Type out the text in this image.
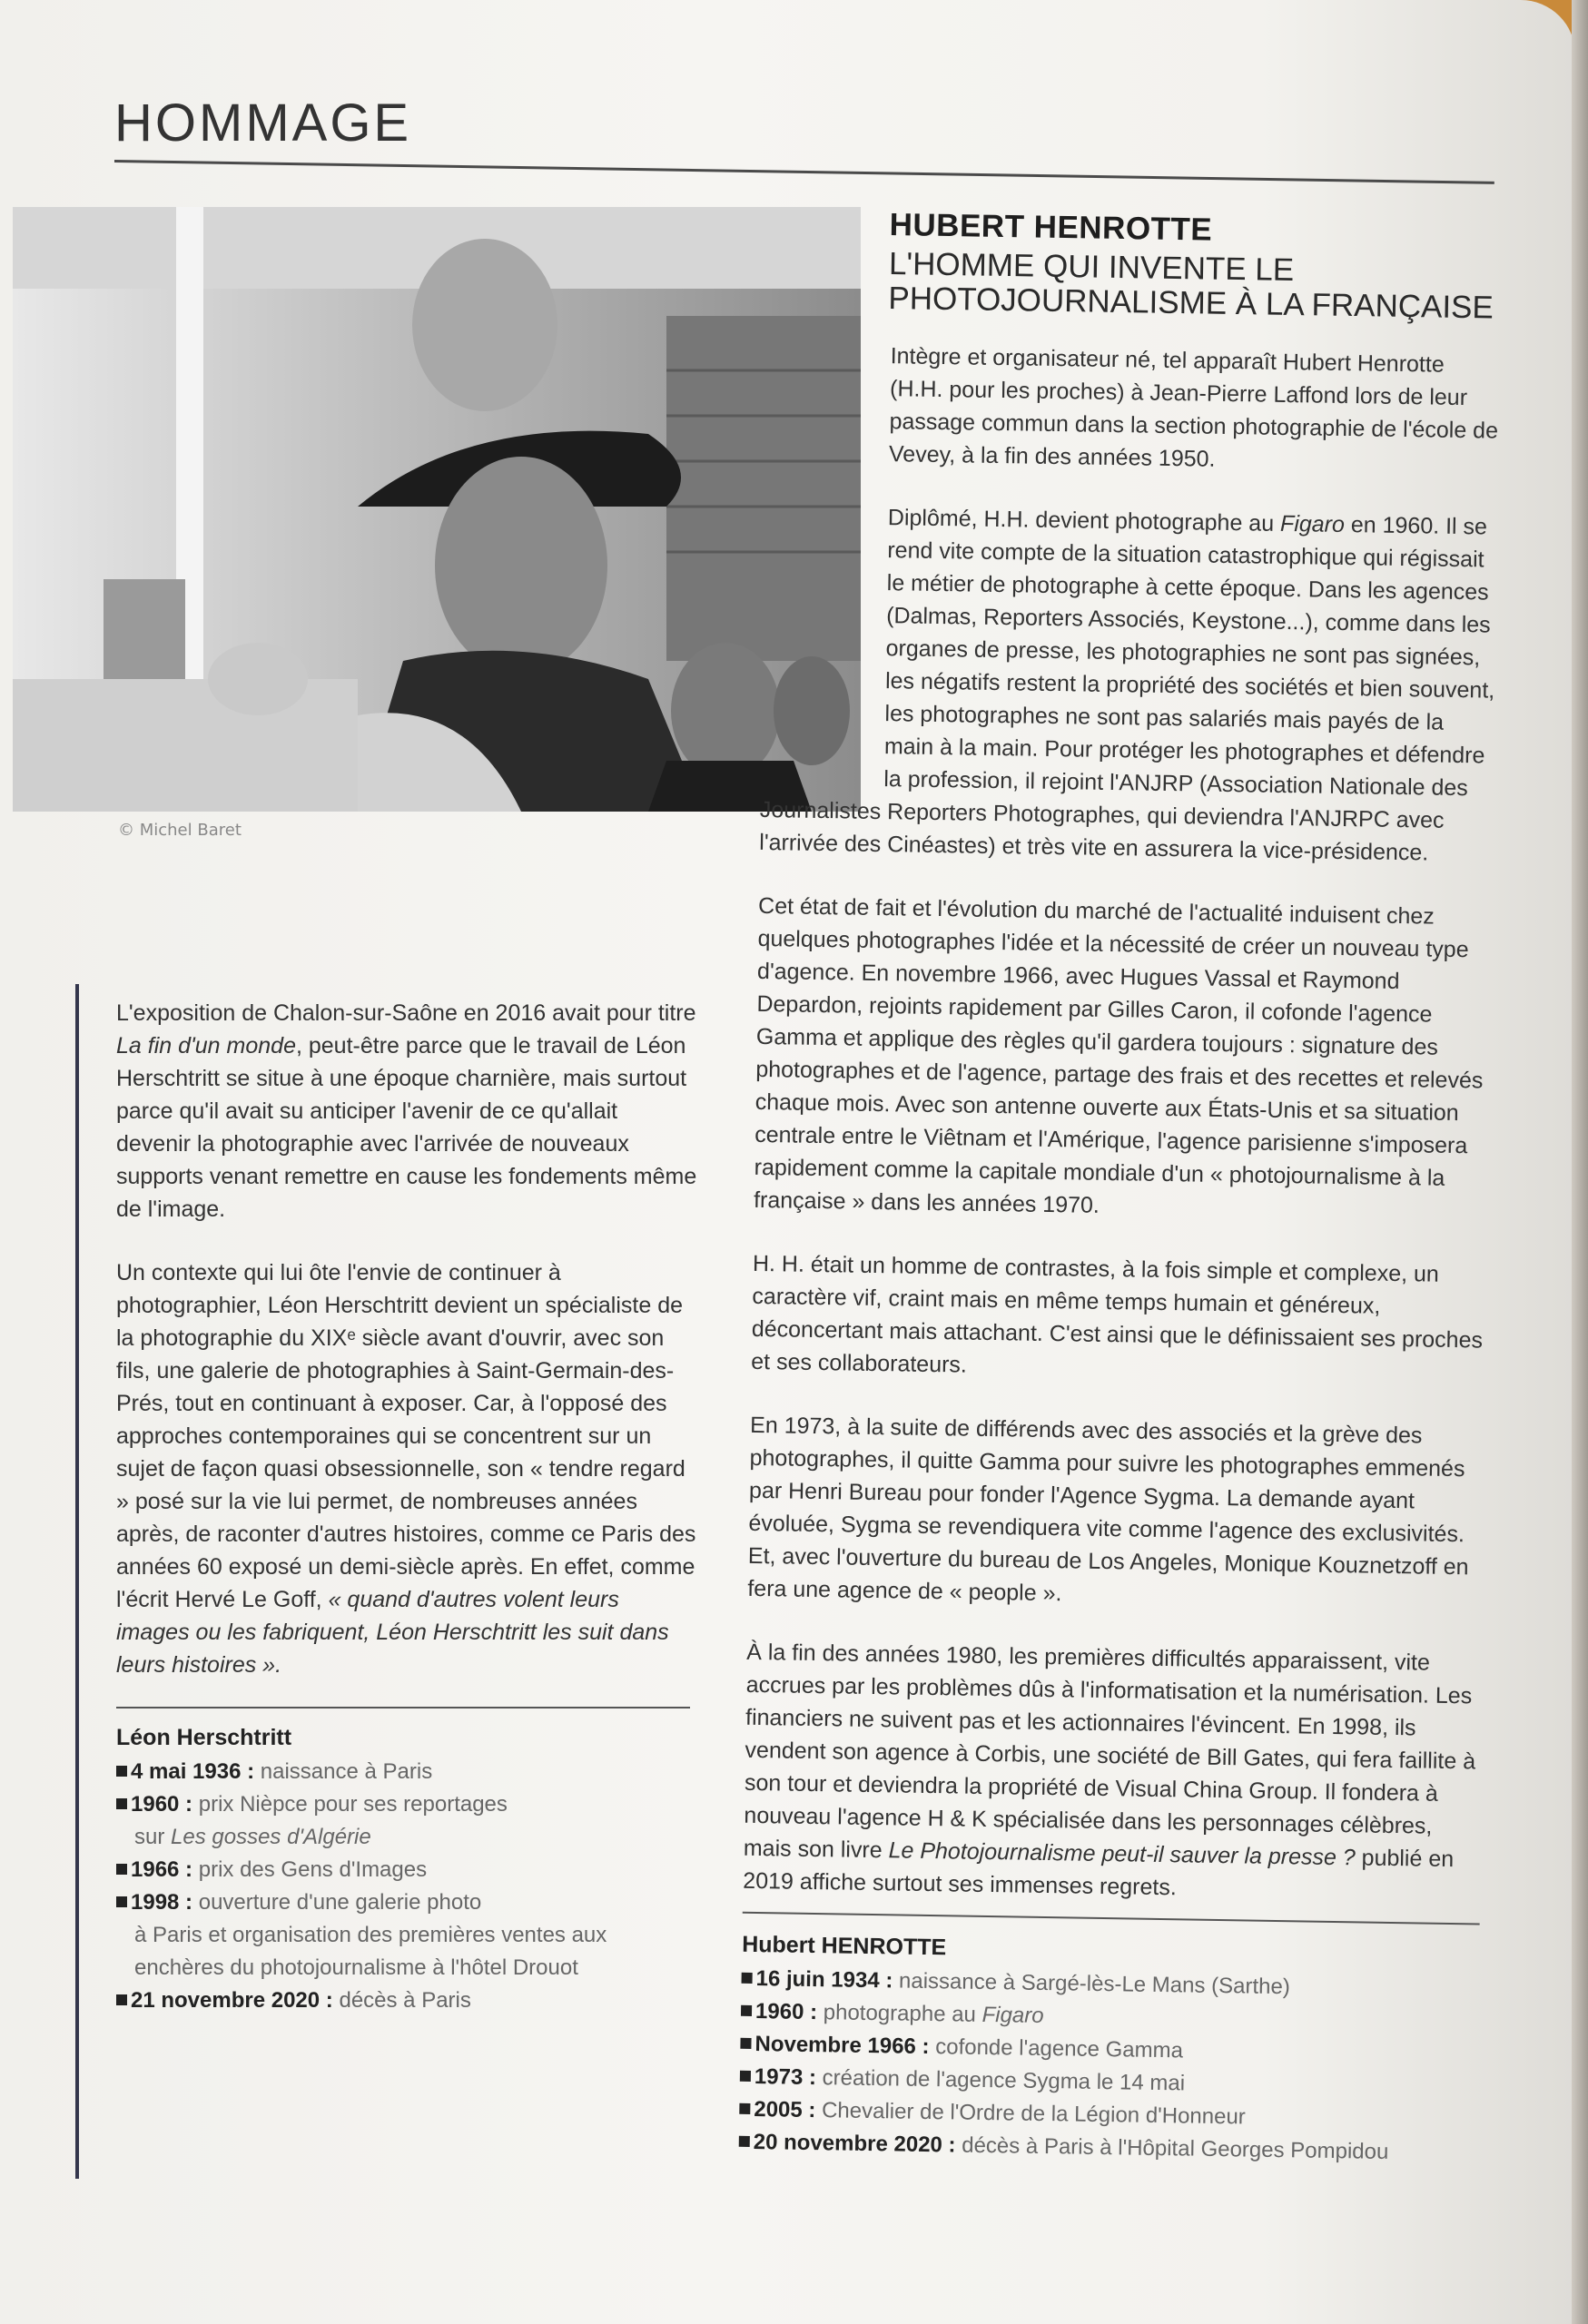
HOMMAGE
© Michel Baret
HUBERT HENROTTE
L'HOMME QUI INVENTE LE PHOTOJOURNALISME À LA FRANÇAISE

Intègre et organisateur né, tel apparaît Hubert Henrotte (H.H. pour les proches) à Jean-Pierre Laffond lors de leur passage commun dans la section photographie de l'école de Vevey, à la fin des années 1950.

Diplômé, H.H. devient photographe au Figaro en 1960. Il se rend vite compte de la situation catastrophique qui régissait le métier de photographe à cette époque. Dans les agences (Dalmas, Reporters Associés, Keystone...), comme dans les organes de presse, les photographies ne sont pas signées, les négatifs restent la propriété des sociétés et bien souvent, les photographes ne sont pas salariés mais payés de la main à la main. Pour protéger les photographes et défendre la profession, il rejoint l'ANJRP (Association Nationale des

Journalistes Reporters Photographes, qui deviendra l'ANJRPC avec l'arrivée des Cinéastes) et très vite en assurera la vice-présidence.

Cet état de fait et l'évolution du marché de l'actualité induisent chez quelques photographes l'idée et la nécessité de créer un nouveau type d'agence. En novembre 1966, avec Hugues Vassal et Raymond Depardon, rejoints rapidement par Gilles Caron, il cofonde l'agence Gamma et applique des règles qu'il gardera toujours : signature des photographes et de l'agence, partage des frais et des recettes et relevés chaque mois. Avec son antenne ouverte aux États-Unis et sa situation centrale entre le Viêtnam et l'Amérique, l'agence parisienne s'imposera rapidement comme la capitale mondiale d'un « photojournalisme à la française » dans les années 1970.

H. H. était un homme de contrastes, à la fois simple et complexe, un caractère vif, craint mais en même temps humain et généreux, déconcertant mais attachant. C'est ainsi que le définissaient ses proches et ses collaborateurs.

En 1973, à la suite de différends avec des associés et la grève des photographes, il quitte Gamma pour suivre les photographes emmenés par Henri Bureau pour fonder l'Agence Sygma. La demande ayant évoluée, Sygma se revendiquera vite comme l'agence des exclusivités. Et, avec l'ouverture du bureau de Los Angeles, Monique Kouznetzoff en fera une agence de « people ».

À la fin des années 1980, les premières difficultés apparaissent, vite accrues par les problèmes dûs à l'informatisation et la numérisation. Les financiers ne suivent pas et les actionnaires l'évincent. En 1998, ils vendent son agence à Corbis, une société de Bill Gates, qui fera faillite à son tour et deviendra la propriété de Visual China Group. Il fondera à nouveau l'agence H & K spécialisée dans les personnages célèbres, mais son livre Le Photojournalisme peut-il sauver la presse ? publié en 2019 affiche surtout ses immenses regrets.

Hubert HENROTTE
16 juin 1934 : naissance à Sargé-lès-Le Mans (Sarthe)
1960 : photographe au Figaro
Novembre 1966 : cofonde l'agence Gamma
1973 : création de l'agence Sygma le 14 mai
2005 : Chevalier de l'Ordre de la Légion d'Honneur
20 novembre 2020 : décès à Paris à l'Hôpital Georges Pompidou

L'exposition de Chalon-sur-Saône en 2016 avait pour titre La fin d'un monde, peut-être parce que le travail de Léon Herschtritt se situe à une époque charnière, mais surtout parce qu'il avait su anticiper l'avenir de ce qu'allait devenir la photographie avec l'arrivée de nouveaux supports venant remettre en cause les fondements même de l'image.

Un contexte qui lui ôte l'envie de continuer à photographier, Léon Herschtritt devient un spécialiste de la photographie du XIXᵉ siècle avant d'ouvrir, avec son fils, une galerie de photographies à Saint-Germain-des-Prés, tout en continuant à exposer. Car, à l'opposé des approches contemporaines qui se concentrent sur un sujet de façon quasi obsessionnelle, son « tendre regard » posé sur la vie lui permet, de nombreuses années après, de raconter d'autres histoires, comme ce Paris des années 60 exposé un demi-siècle après. En effet, comme l'écrit Hervé Le Goff, « quand d'autres volent leurs images ou les fabriquent, Léon Herschtritt les suit dans leurs histoires ».

Léon Herschtritt
4 mai 1936 : naissance à Paris
1960 : prix Nièpce pour ses reportages
sur Les gosses d'Algérie
1966 : prix des Gens d'Images
1998 : ouverture d'une galerie photo
à Paris et organisation des premières ventes aux enchères du photojournalisme à l'hôtel Drouot
21 novembre 2020 : décès à Paris
